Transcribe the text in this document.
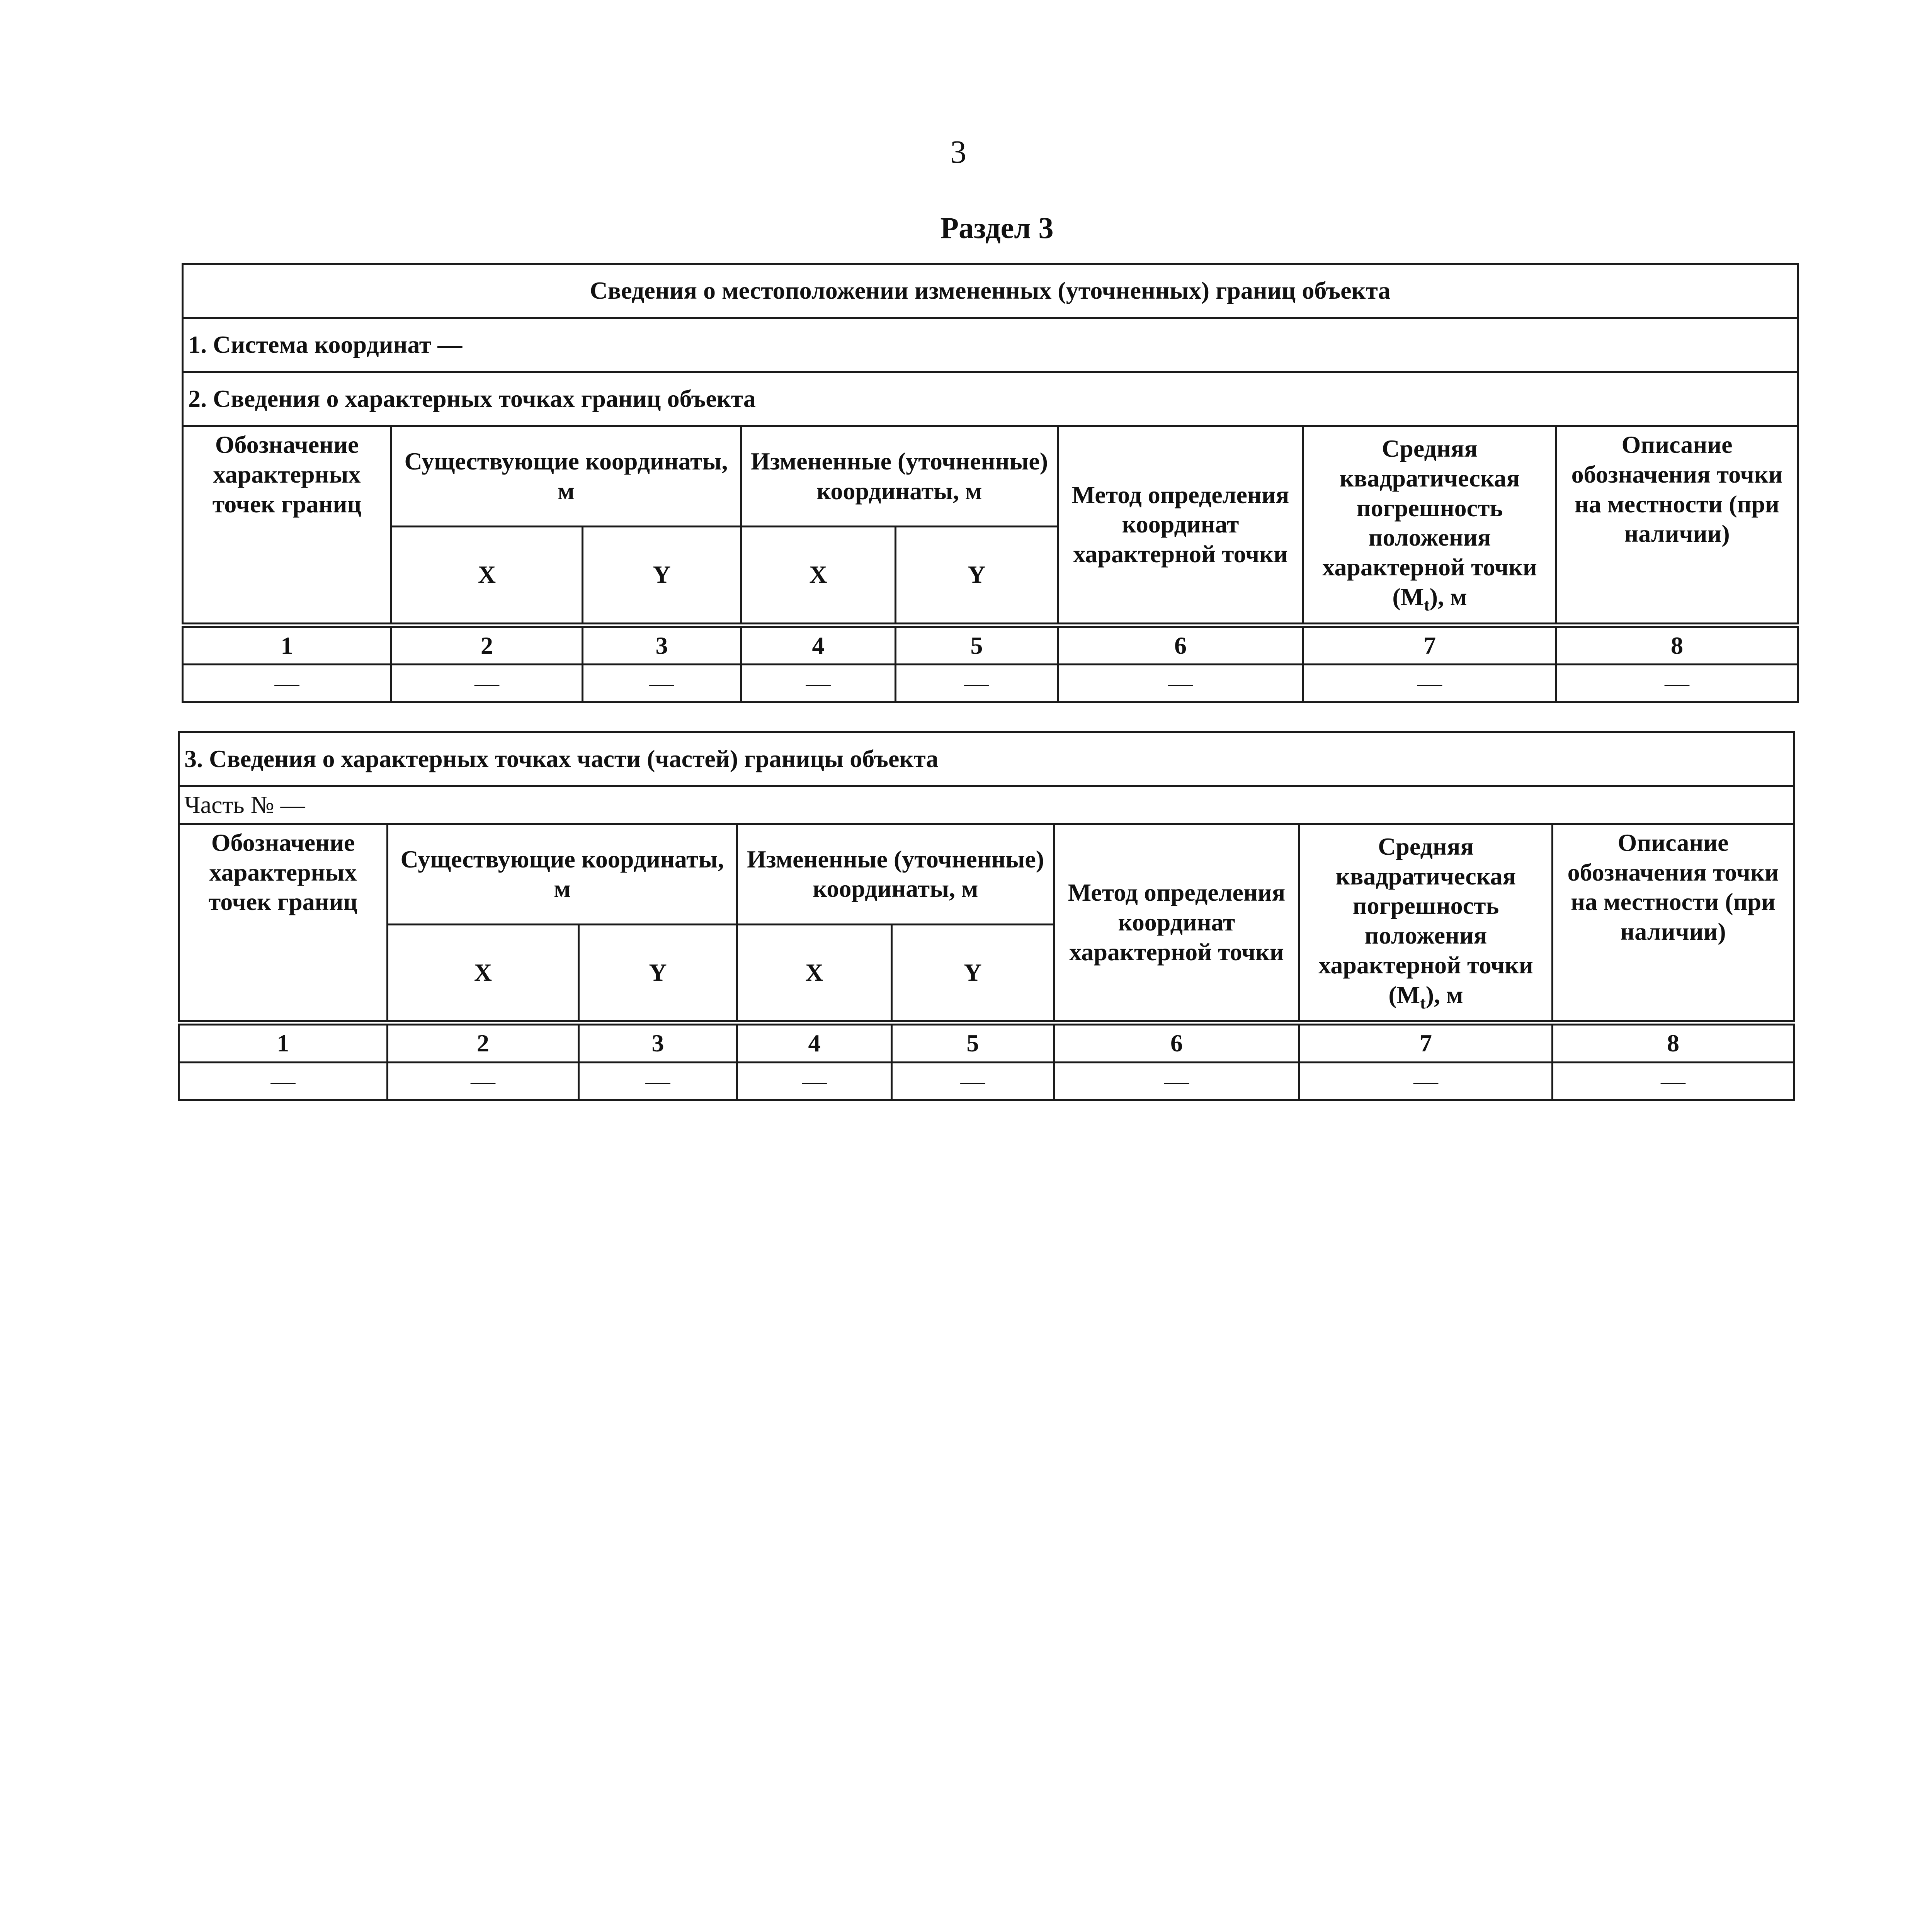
3
Раздел 3
Сведения о местоположении измененных (уточненных) границ объекта							
1. Система координат —							
2. Сведения о характерных точках границ объекта							
Обозначение характерных точек границ	Существующие координаты, м		Измененные (уточненные) координаты, м		Метод определения координат характерной точки	Средняя квадратическая погрешность положения характерной точки $(M_t)$, м	Описание обозначения точки на местности (при наличии)
	X	Y	X	Y			
1	2	3	4	5	6	7	8
—	—	—	—	—	—	—	—
3. Сведения о характерных точках части (частей) границы объекта							
Часть № —							
Обозначение характерных точек границ	Существующие координаты, м		Измененные (уточненные) координаты, м		Метод определения координат характерной точки	Средняя квадратическая погрешность положения характерной точки $(M_t)$, м	Описание обозначения точки на местности (при наличии)
	X	Y	X	Y			
1	2	3	4	5	6	7	8
—	—	—	—	—	—	—	—
